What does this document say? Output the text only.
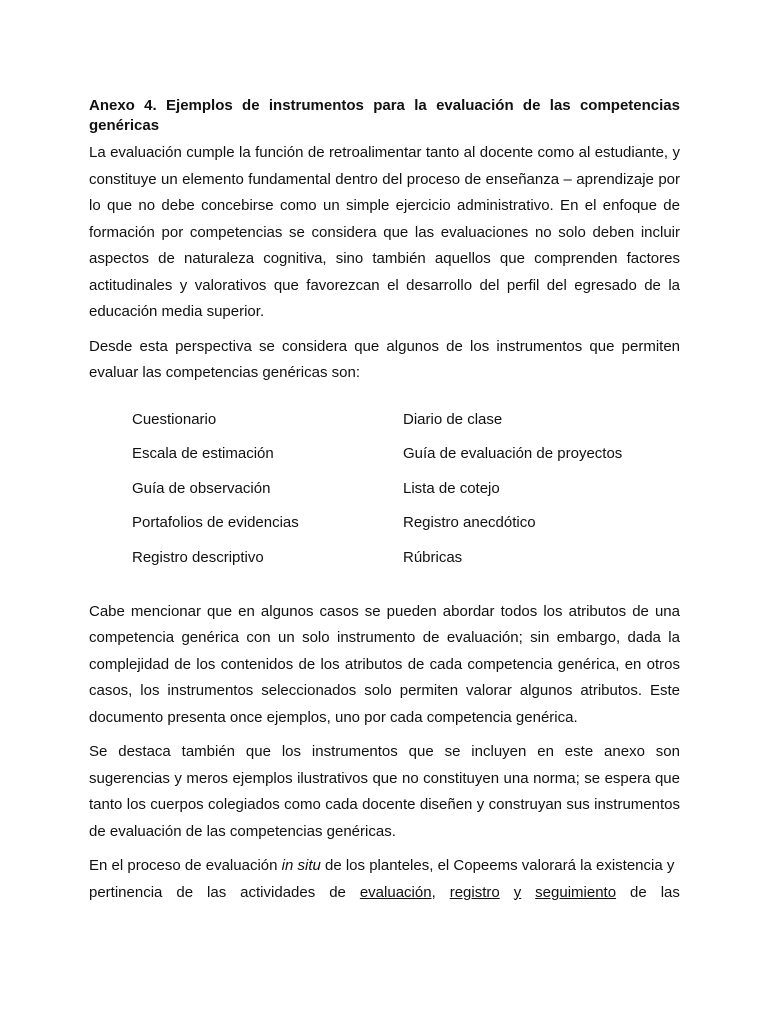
Anexo 4. Ejemplos de instrumentos para la evaluación de las competencias genéricas

La evaluación cumple la función de retroalimentar tanto al docente como al estudiante, y constituye un elemento fundamental dentro del proceso de enseñanza – aprendizaje por lo que no debe concebirse como un simple ejercicio administrativo. En el enfoque de formación por competencias se considera que las evaluaciones no solo deben incluir aspectos de naturaleza cognitiva, sino también aquellos que comprenden factores actitudinales y valorativos que favorezcan el desarrollo del perfil del egresado de la educación media superior.

Desde esta perspectiva se considera que algunos de los instrumentos que permiten evaluar las competencias genéricas son:

Cuestionario
Escala de estimación
Guía de observación
Portafolios de evidencias
Registro descriptivo
Diario de clase
Guía de evaluación de proyectos
Lista de cotejo
Registro anecdótico
Rúbricas

Cabe mencionar que en algunos casos se pueden abordar todos los atributos de una competencia genérica con un solo instrumento de evaluación; sin embargo, dada la complejidad de los contenidos de los atributos de cada competencia genérica, en otros casos, los instrumentos seleccionados solo permiten valorar algunos atributos. Este documento presenta once ejemplos, uno por cada competencia genérica.

Se destaca también que los instrumentos que se incluyen en este anexo son sugerencias y meros ejemplos ilustrativos que no constituyen una norma; se espera que tanto los cuerpos colegiados como cada docente diseñen y construyan sus instrumentos de evaluación de las competencias genéricas.

En el proceso de evaluación in situ de los planteles, el Copeems valorará la existencia y

pertinencia de las actividades de evaluación, registro y seguimiento de las
